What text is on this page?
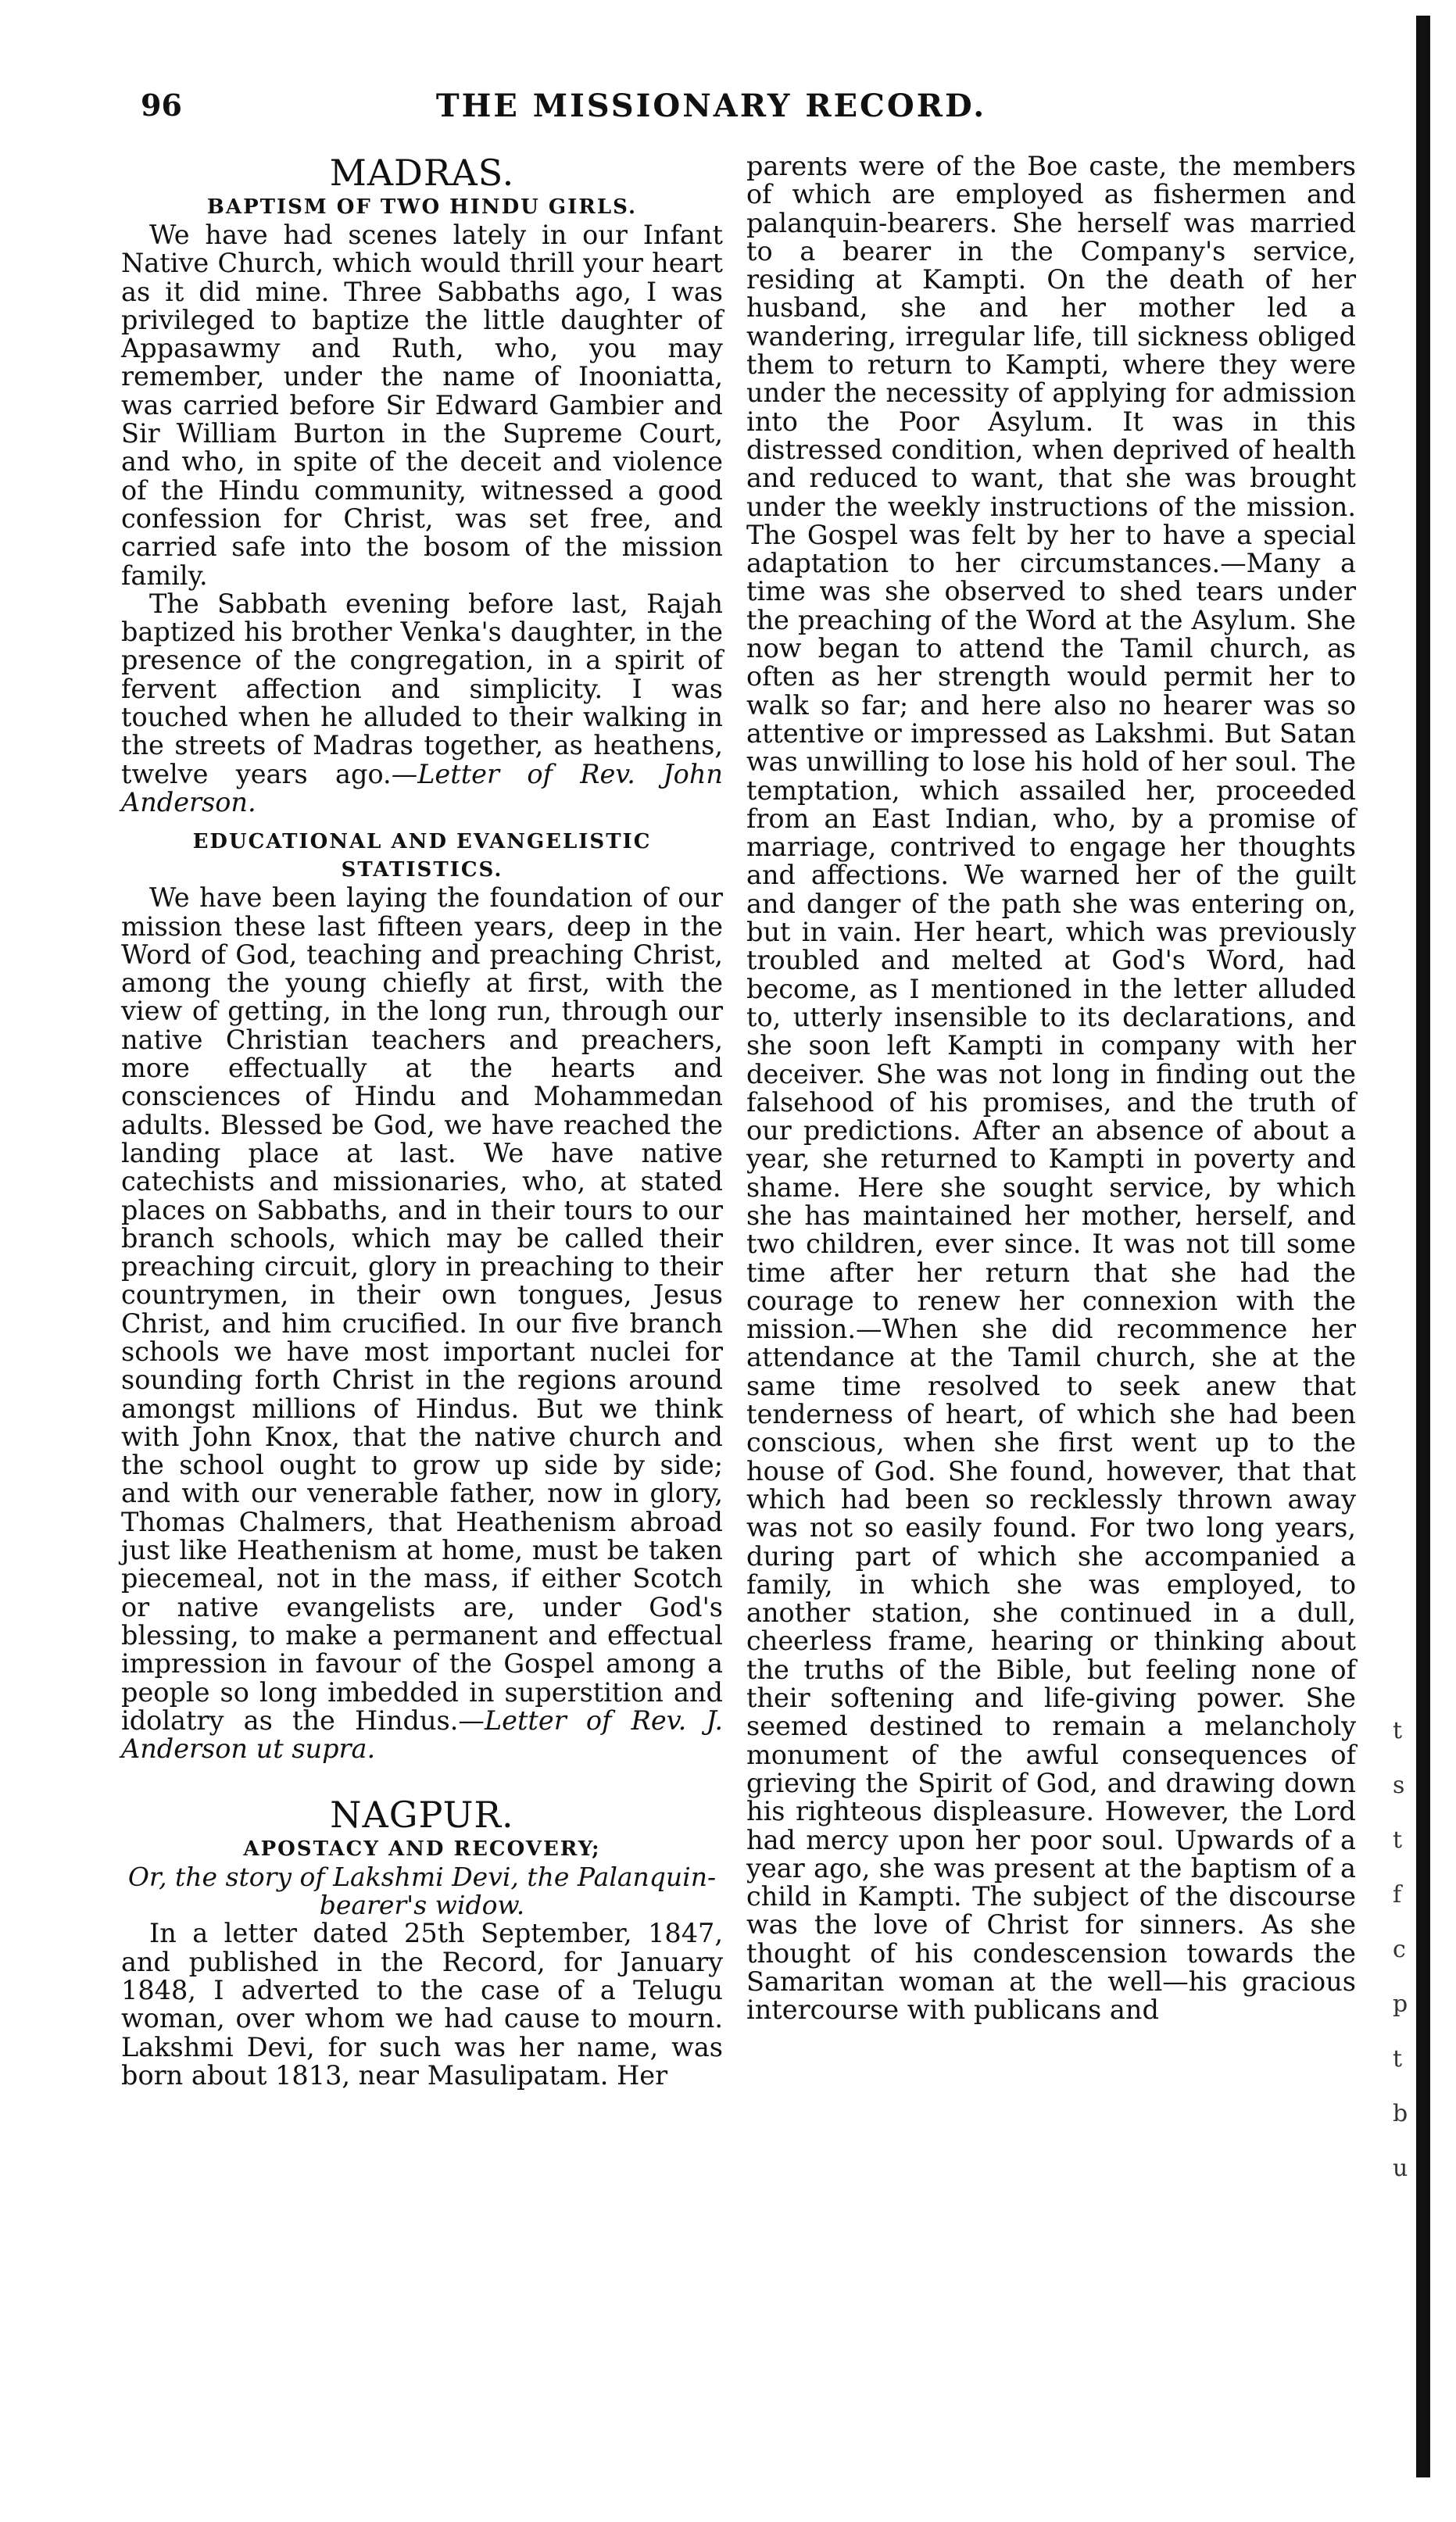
96	THE MISSIONARY RECORD.
MADRAS.
BAPTISM OF TWO HINDU GIRLS.

We have had scenes lately in our Infant Native Church, which would thrill your heart as it did mine. Three Sabbaths ago, I was privileged to baptize the little daughter of Appasawmy and Ruth, who, you may remember, under the name of Inooniatta, was carried before Sir Edward Gambier and Sir William Burton in the Supreme Court, and who, in spite of the deceit and violence of the Hindu community, witnessed a good confession for Christ, was set free, and carried safe into the bosom of the mission family.

The Sabbath evening before last, Rajah baptized his brother Venka's daughter, in the presence of the congregation, in a spirit of fervent affection and simplicity. I was touched when he alluded to their walking in the streets of Madras together, as heathens, twelve years ago.—Letter of Rev. John Anderson.

EDUCATIONAL AND EVANGELISTIC STATISTICS.

We have been laying the foundation of our mission these last fifteen years, deep in the Word of God, teaching and preaching Christ, among the young chiefly at first, with the view of getting, in the long run, through our native Christian teachers and preachers, more effectually at the hearts and consciences of Hindu and Mohammedan adults. Blessed be God, we have reached the landing place at last. We have native catechists and missionaries, who, at stated places on Sabbaths, and in their tours to our branch schools, which may be called their preaching circuit, glory in preaching to their countrymen, in their own tongues, Jesus Christ, and him crucified. In our five branch schools we have most important nuclei for sounding forth Christ in the regions around amongst millions of Hindus. But we think with John Knox, that the native church and the school ought to grow up side by side; and with our venerable father, now in glory, Thomas Chalmers, that Heathenism abroad just like Heathenism at home, must be taken piecemeal, not in the mass, if either Scotch or native evangelists are, under God's blessing, to make a permanent and effectual impression in favour of the Gospel among a people so long imbedded in superstition and idolatry as the Hindus.—Letter of Rev. J. Anderson ut supra.

NAGPUR.
APOSTACY AND RECOVERY;
Or, the story of Lakshmi Devi, the Palanquin-bearer's widow.

In a letter dated 25th September, 1847, and published in the Record, for January 1848, I adverted to the case of a Telugu woman, over whom we had cause to mourn. Lakshmi Devi, for such was her name, was born about 1813, near Masulipatam. Her

parents were of the Boe caste, the members of which are employed as fishermen and palanquin-bearers. She herself was married to a bearer in the Company's service, residing at Kampti. On the death of her husband, she and her mother led a wandering, irregular life, till sickness obliged them to return to Kampti, where they were under the necessity of applying for admission into the Poor Asylum. It was in this distressed condition, when deprived of health and reduced to want, that she was brought under the weekly instructions of the mission. The Gospel was felt by her to have a special adaptation to her circumstances.—Many a time was she observed to shed tears under the preaching of the Word at the Asylum. She now began to attend the Tamil church, as often as her strength would permit her to walk so far; and here also no hearer was so attentive or impressed as Lakshmi. But Satan was unwilling to lose his hold of her soul. The temptation, which assailed her, proceeded from an East Indian, who, by a promise of marriage, contrived to engage her thoughts and affections. We warned her of the guilt and danger of the path she was entering on, but in vain. Her heart, which was previously troubled and melted at God's Word, had become, as I mentioned in the letter alluded to, utterly insensible to its declarations, and she soon left Kampti in company with her deceiver. She was not long in finding out the falsehood of his promises, and the truth of our predictions. After an absence of about a year, she returned to Kampti in poverty and shame. Here she sought service, by which she has maintained her mother, herself, and two children, ever since. It was not till some time after her return that she had the courage to renew her connexion with the mission.—When she did recommence her attendance at the Tamil church, she at the same time resolved to seek anew that tenderness of heart, of which she had been conscious, when she first went up to the house of God. She found, however, that that which had been so recklessly thrown away was not so easily found. For two long years, during part of which she accompanied a family, in which she was employed, to another station, she continued in a dull, cheerless frame, hearing or thinking about the truths of the Bible, but feeling none of their softening and life-giving power. She seemed destined to remain a melancholy monument of the awful consequences of grieving the Spirit of God, and drawing down his righteous displeasure. However, the Lord had mercy upon her poor soul. Upwards of a year ago, she was present at the baptism of a child in Kampti. The subject of the discourse was the love of Christ for sinners. As she thought of his condescension towards the Samaritan woman at the well—his gracious intercourse with publicans and

t
s
t
f
c
p
t
b
u
